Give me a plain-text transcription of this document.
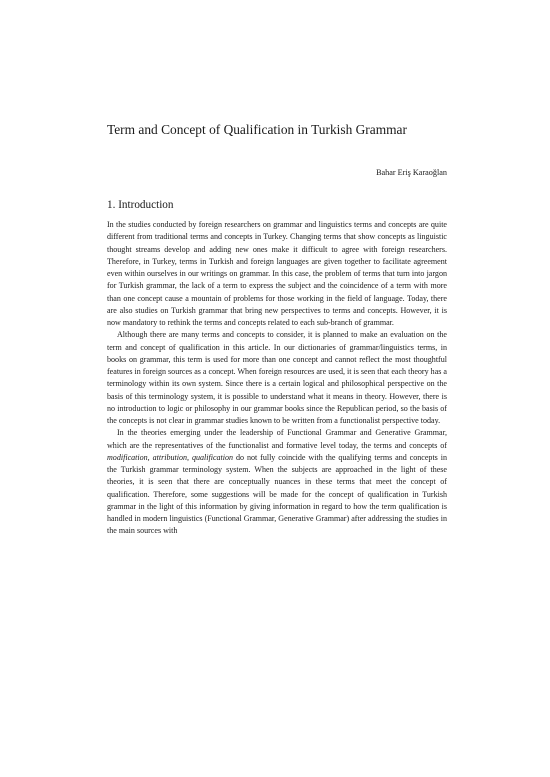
Term and Concept of Qualification in Turkish Grammar
Bahar Eriş Karaoğlan
1. Introduction

In the studies conducted by foreign researchers on grammar and linguistics terms and concepts are quite different from traditional terms and concepts in Turkey. Changing terms that show concepts as linguistic thought streams develop and adding new ones make it difficult to agree with foreign researchers. Therefore, in Turkey, terms in Turkish and foreign languages are given together to facilitate agreement even within ourselves in our writings on grammar. In this case, the problem of terms that turn into jargon for Turkish grammar, the lack of a term to express the subject and the coincidence of a term with more than one concept cause a mountain of problems for those working in the field of language. Today, there are also studies on Turkish grammar that bring new perspectives to terms and concepts. However, it is now mandatory to rethink the terms and concepts related to each sub-branch of grammar.

Although there are many terms and concepts to consider, it is planned to make an evaluation on the term and concept of qualification in this article. In our dictionaries of grammar/linguistics terms, in books on grammar, this term is used for more than one concept and cannot reflect the most thoughtful features in foreign sources as a concept. When foreign resources are used, it is seen that each theory has a terminology within its own system. Since there is a certain logical and philosophical perspective on the basis of this terminology system, it is possible to understand what it means in theory. However, there is no introduction to logic or philosophy in our grammar books since the Republican period, so the basis of the concepts is not clear in grammar studies known to be written from a functionalist perspective today.

In the theories emerging under the leadership of Functional Grammar and Generative Grammar, which are the representatives of the functionalist and formative level today, the terms and concepts of modification, attribution, qualification do not fully coincide with the qualifying terms and concepts in the Turkish grammar terminology system. When the subjects are approached in the light of these theories, it is seen that there are conceptually nuances in these terms that meet the concept of qualification. Therefore, some suggestions will be made for the concept of qualification in Turkish grammar in the light of this information by giving information in regard to how the term qualification is handled in modern linguistics (Functional Grammar, Generative Grammar) after addressing the studies in the main sources with
